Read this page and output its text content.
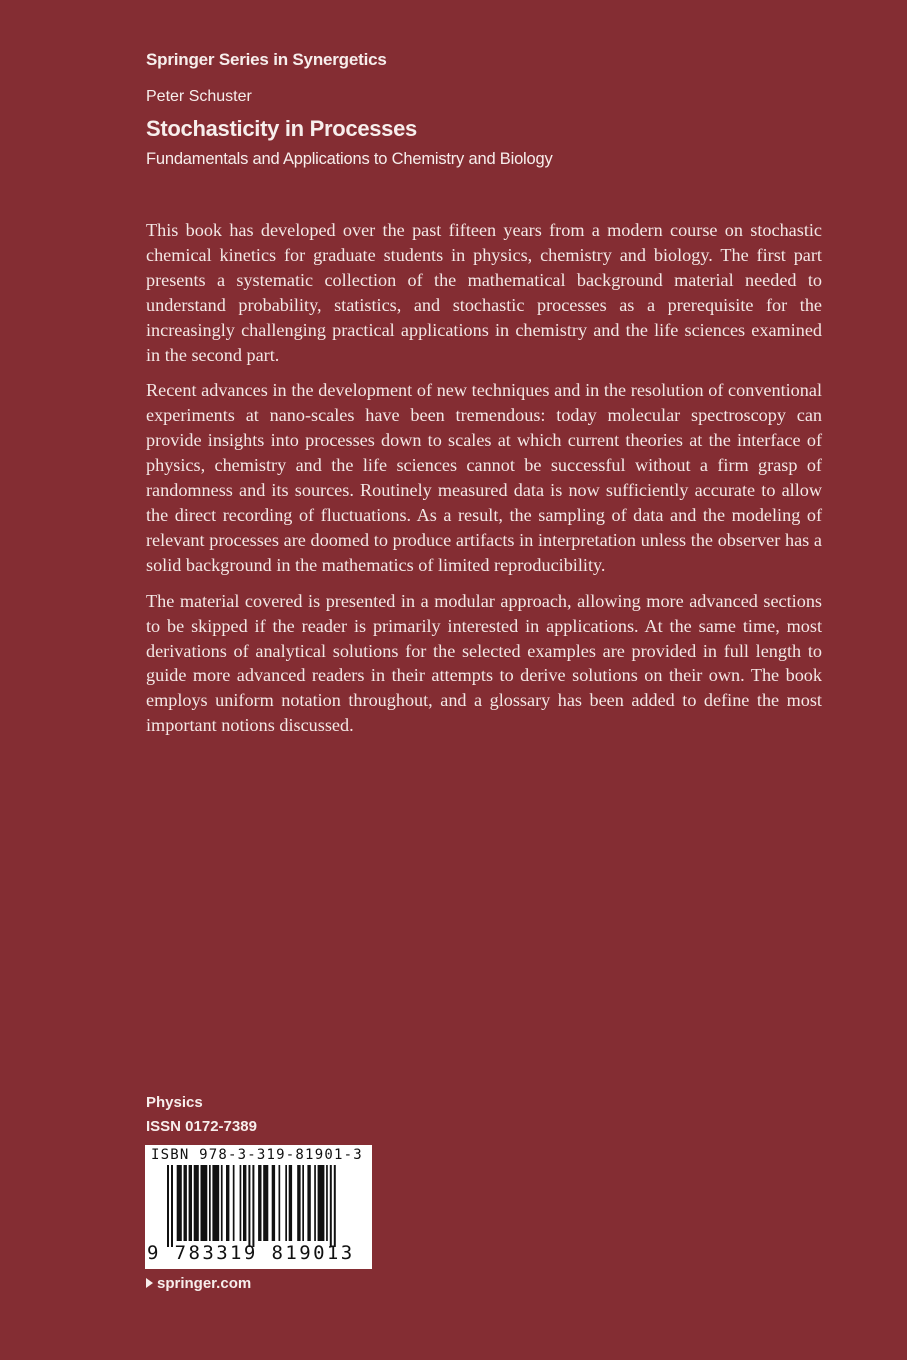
Springer Series in Synergetics
Peter Schuster
Stochasticity in Processes
Fundamentals and Applications to Chemistry and Biology

This book has developed over the past fifteen years from a modern course on stochastic chemical kinetics for graduate students in physics, chemistry and biology. The first part presents a systematic collection of the mathematical background material needed to understand probability, statistics, and stochastic processes as a prerequisite for the increasingly challenging practical applications in chemistry and the life sciences examined in the second part.

Recent advances in the development of new techniques and in the resolution of conventional experiments at nano-scales have been tremendous: today molecular spectroscopy can provide insights into processes down to scales at which current theories at the interface of physics, chemistry and the life sciences cannot be successful without a firm grasp of randomness and its sources. Routinely measured data is now sufficiently accurate to allow the direct recording of fluctuations. As a result, the sampling of data and the modeling of relevant processes are doomed to produce artifacts in interpretation unless the observer has a solid background in the mathematics of limited reproducibility.

The material covered is presented in a modular approach, allowing more advanced sections to be skipped if the reader is primarily interested in applications. At the same time, most derivations of analytical solutions for the selected examples are provided in full length to guide more advanced readers in their attempts to derive solutions on their own. The book employs uniform notation throughout, and a glossary has been added to define the most important notions discussed.

Physics
ISSN 0172-7389
ISBN 978-3-319-81901-3
9 783319 819013
springer.com
